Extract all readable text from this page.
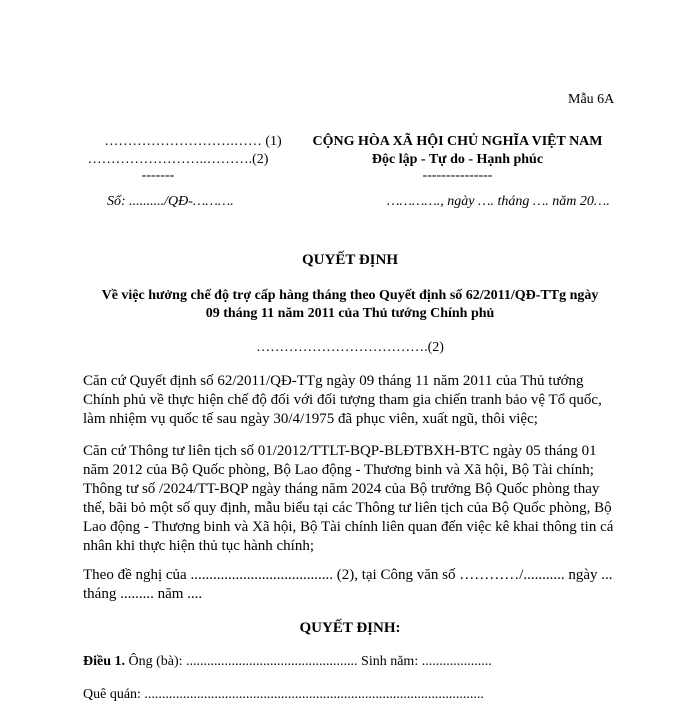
Mẫu 6A
……………………….…… (1)
……………………..……….(2)
-------
CỘNG HÒA XÃ HỘI CHỦ NGHĨA VIỆT NAM
Độc lập - Tự do - Hạnh phúc
---------------
Số: ........../QĐ-……….	…………., ngày …. tháng …. năm 20….
QUYẾT ĐỊNH
Về việc hưởng chế độ trợ cấp hàng tháng theo Quyết định số 62/2011/QĐ-TTg ngày
09 tháng 11 năm 2011 của Thủ tướng Chính phủ
……………………………….(2)
Căn cứ Quyết định số 62/2011/QĐ-TTg ngày 09 tháng 11 năm 2011 của Thủ tướng Chính phủ về thực hiện chế độ đối với đối tượng tham gia chiến tranh bảo vệ Tổ quốc, làm nhiệm vụ quốc tế sau ngày 30/4/1975 đã phục viên, xuất ngũ, thôi việc;
Căn cứ Thông tư liên tịch số 01/2012/TTLT-BQP-BLĐTBXH-BTC ngày 05 tháng 01 năm 2012 của Bộ Quốc phòng, Bộ Lao động - Thương binh và Xã hội, Bộ Tài chính; Thông tư số /2024/TT-BQP ngày tháng năm 2024 của Bộ trưởng Bộ Quốc phòng thay thế, bãi bỏ một số quy định, mẫu biểu tại các Thông tư liên tịch của Bộ Quốc phòng, Bộ Lao động - Thương binh và Xã hội, Bộ Tài chính liên quan đến việc kê khai thông tin cá nhân khi thực hiện thủ tục hành chính;
Theo đề nghị của ...................................... (2), tại Công văn số …………/........... ngày ... tháng ......... năm ....
QUYẾT ĐỊNH:
Điều 1. Ông (bà): ................................................. Sinh năm: ....................
Quê quán: .................................................................................................
